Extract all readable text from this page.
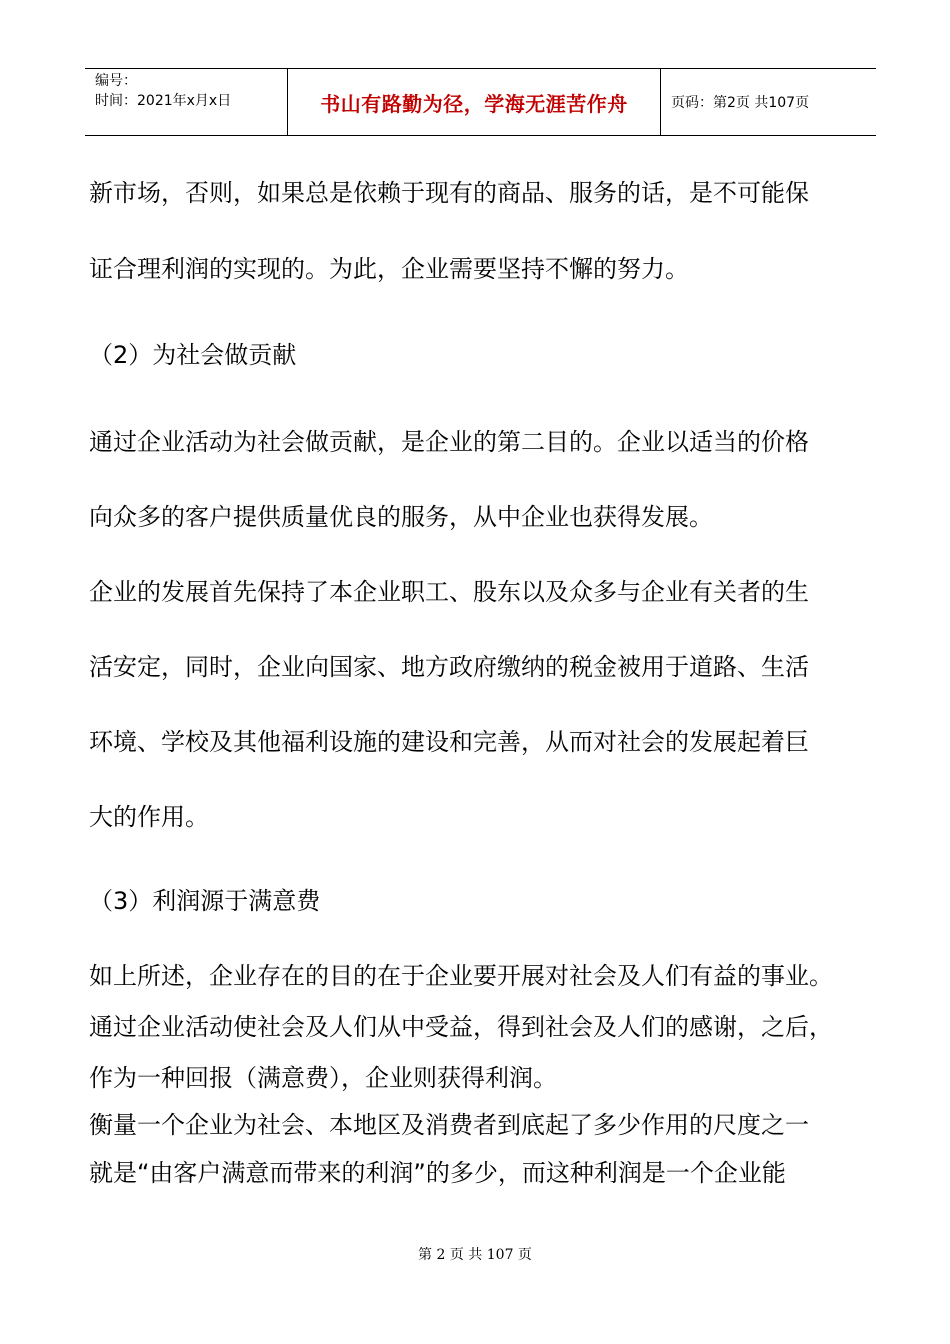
编号：
时间：2021年x月x日	书山有路勤为径，学海无涯苦作舟	页码：第2页 共107页
新市场，否则，如果总是依赖于现有的商品、服务的话，是不可能保
证合理利润的实现的。为此，企业需要坚持不懈的努力。
（2）为社会做贡献
通过企业活动为社会做贡献，是企业的第二目的。企业以适当的价格
向众多的客户提供质量优良的服务，从中企业也获得发展。
企业的发展首先保持了本企业职工、股东以及众多与企业有关者的生
活安定，同时，企业向国家、地方政府缴纳的税金被用于道路、生活
环境、学校及其他福利设施的建设和完善，从而对社会的发展起着巨
大的作用。
（3）利润源于满意费
如上所述，企业存在的目的在于企业要开展对社会及人们有益的事业。
通过企业活动使社会及人们从中受益，得到社会及人们的感谢，之后，
作为一种回报（满意费），企业则获得利润。
衡量一个企业为社会、本地区及消费者到底起了多少作用的尺度之一
就是“由客户满意而带来的利润”的多少，而这种利润是一个企业能
第 2 页 共 107 页
